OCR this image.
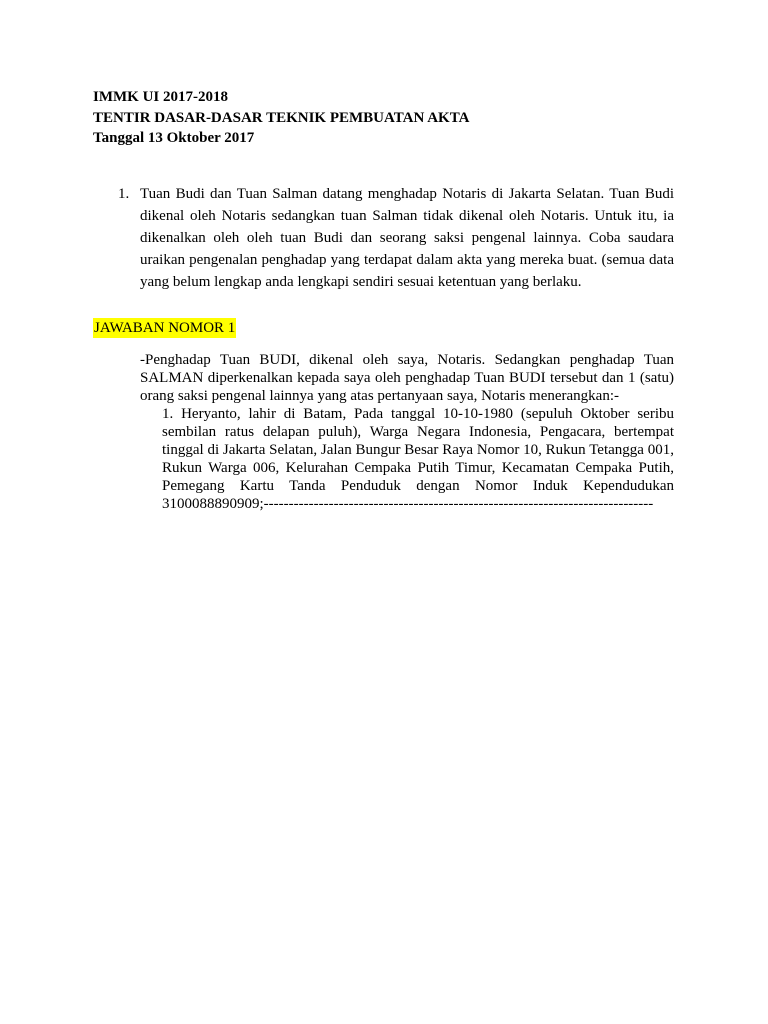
IMMK UI 2017-2018
TENTIR DASAR-DASAR TEKNIK PEMBUATAN AKTA
Tanggal 13 Oktober 2017
1. Tuan Budi dan Tuan Salman datang menghadap Notaris di Jakarta Selatan. Tuan Budi dikenal oleh Notaris sedangkan tuan Salman tidak dikenal oleh Notaris. Untuk itu, ia dikenalkan oleh oleh tuan Budi dan seorang saksi pengenal lainnya. Coba saudara uraikan pengenalan penghadap yang terdapat dalam akta yang mereka buat. (semua data yang belum lengkap anda lengkapi sendiri sesuai ketentuan yang berlaku.
JAWABAN NOMOR 1
-Penghadap Tuan BUDI, dikenal oleh saya, Notaris. Sedangkan penghadap Tuan SALMAN diperkenalkan kepada saya oleh penghadap Tuan BUDI tersebut dan 1 (satu) orang saksi pengenal lainnya yang atas pertanyaan saya, Notaris menerangkan:-
1. Heryanto, lahir di Batam, Pada tanggal 10-10-1980 (sepuluh Oktober seribu sembilan ratus delapan puluh), Warga Negara Indonesia, Pengacara, bertempat tinggal di Jakarta Selatan, Jalan Bungur Besar Raya Nomor 10, Rukun Tetangga 001, Rukun Warga 006, Kelurahan Cempaka Putih Timur, Kecamatan Cempaka Putih, Pemegang Kartu Tanda Penduduk dengan Nomor Induk Kependudukan 3100088890909;------------------------------------------------------------------------------
